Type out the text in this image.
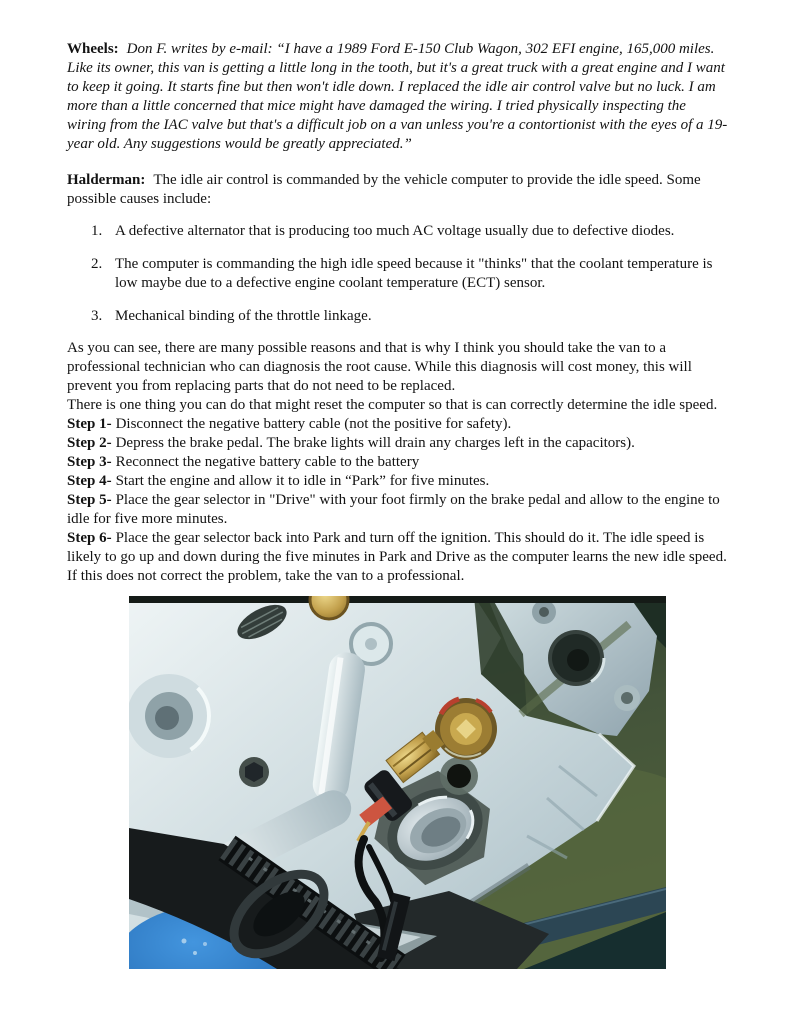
Wheels: Don F. writes by e-mail: “I have a 1989 Ford E-150 Club Wagon, 302 EFI engine, 165,000 miles. Like its owner, this van is getting a little long in the tooth, but it's a great truck with a great engine and I want to keep it going. It starts fine but then won't idle down. I replaced the idle air control valve but no luck. I am more than a little concerned that mice might have damaged the wiring. I tried physically inspecting the wiring from the IAC valve but that's a difficult job on a van unless you're a contortionist with the eyes of a 19-year old. Any suggestions would be greatly appreciated.”

Halderman: The idle air control is commanded by the vehicle computer to provide the idle speed. Some possible causes include:

1. A defective alternator that is producing too much AC voltage usually due to defective diodes.
2. The computer is commanding the high idle speed because it "thinks" that the coolant temperature is low maybe due to a defective engine coolant temperature (ECT) sensor.
3. Mechanical binding of the throttle linkage.
As you can see, there are many possible reasons and that is why I think you should take the van to a professional technician who can diagnosis the root cause. While this diagnosis will cost money, this will prevent you from replacing parts that do not need to be replaced.
There is one thing you can do that might reset the computer so that is can correctly determine the idle speed.
Step 1- Disconnect the negative battery cable (not the positive for safety).
Step 2- Depress the brake pedal. The brake lights will drain any charges left in the capacitors).
Step 3- Reconnect the negative battery cable to the battery
Step 4- Start the engine and allow it to idle in “Park” for five minutes.
Step 5- Place the gear selector in "Drive" with your foot firmly on the brake pedal and allow to the engine to idle for five more minutes.
Step 6- Place the gear selector back into Park and turn off the ignition. This should do it. The idle speed is likely to go up and down during the five minutes in Park and Drive as the computer learns the new idle speed. If this does not correct the problem, take the van to a professional.
